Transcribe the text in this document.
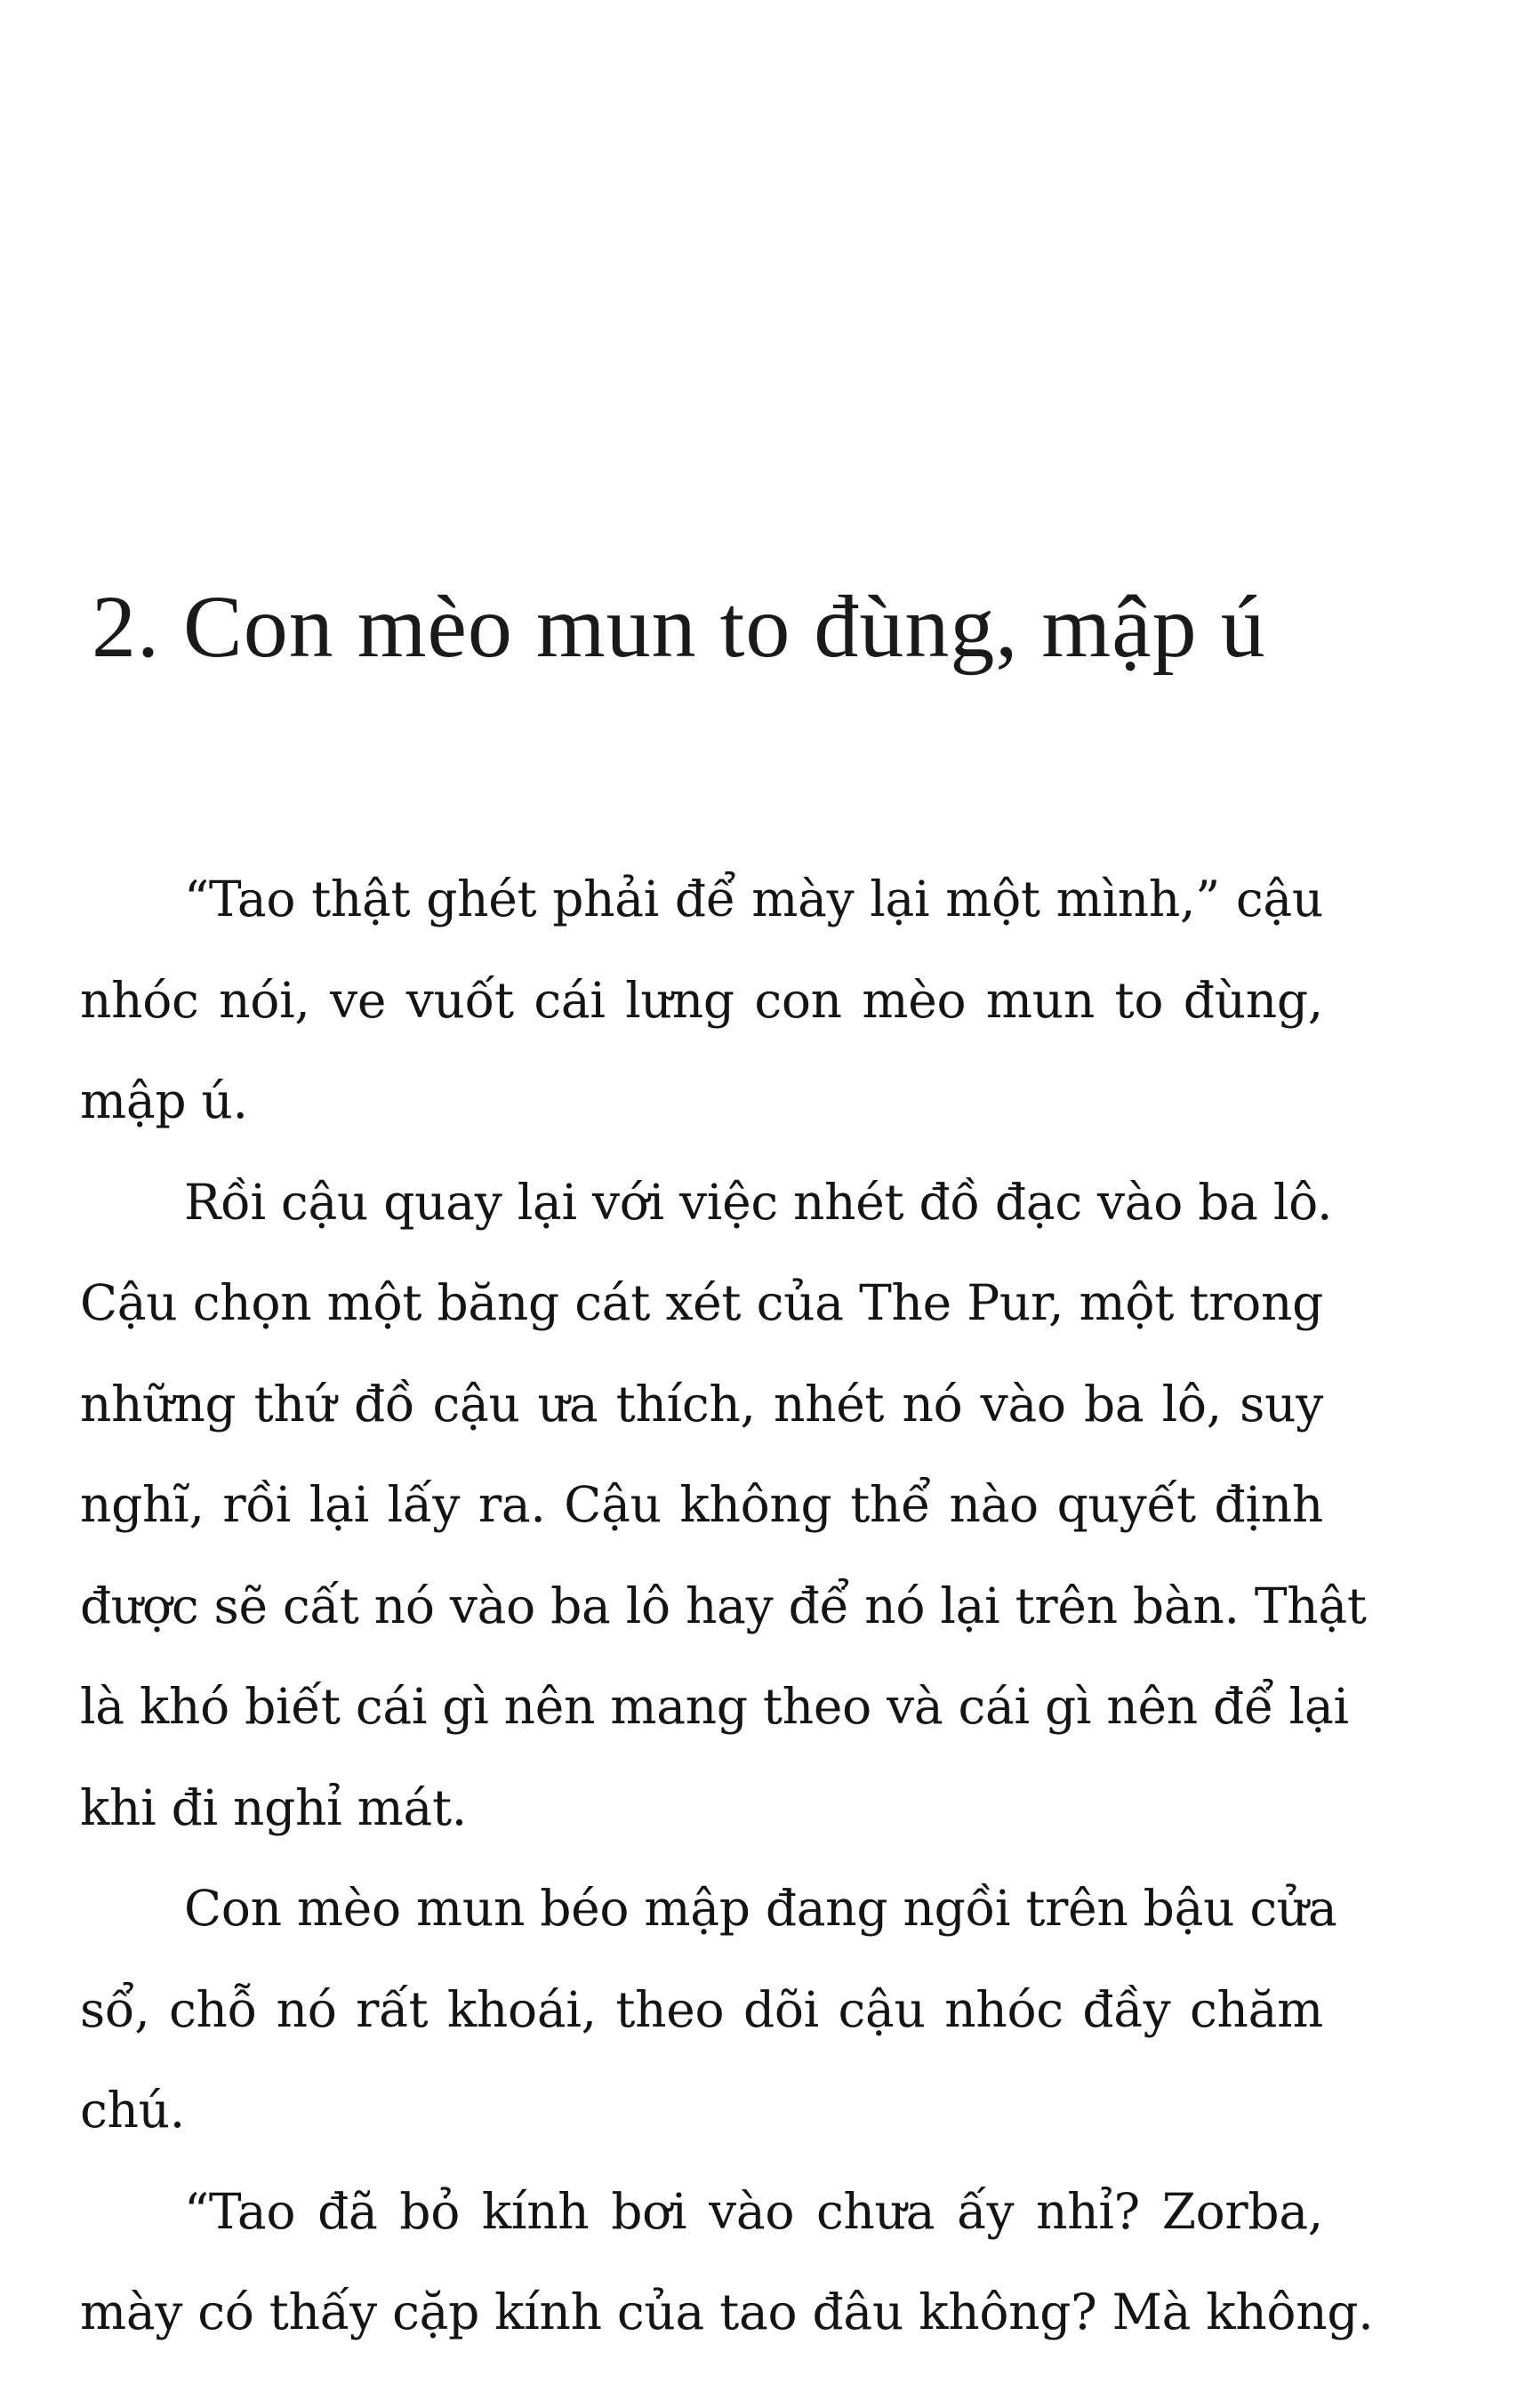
2. Con mèo mun to đùng, mập ú

“Tao thật ghét phải để mày lại một mình,” cậu
nhóc nói, ve vuốt cái lưng con mèo mun to đùng,
mập ú.

Rồi cậu quay lại với việc nhét đồ đạc vào ba lô.
Cậu chọn một băng cát xét của The Pur, một trong
những thứ đồ cậu ưa thích, nhét nó vào ba lô, suy
nghĩ, rồi lại lấy ra. Cậu không thể nào quyết định
được sẽ cất nó vào ba lô hay để nó lại trên bàn. Thật
là khó biết cái gì nên mang theo và cái gì nên để lại
khi đi nghỉ mát.

Con mèo mun béo mập đang ngồi trên bậu cửa
sổ, chỗ nó rất khoái, theo dõi cậu nhóc đầy chăm
chú.

“Tao đã bỏ kính bơi vào chưa ấy nhỉ? Zorba,
mày có thấy cặp kính của tao đâu không? Mà không.
